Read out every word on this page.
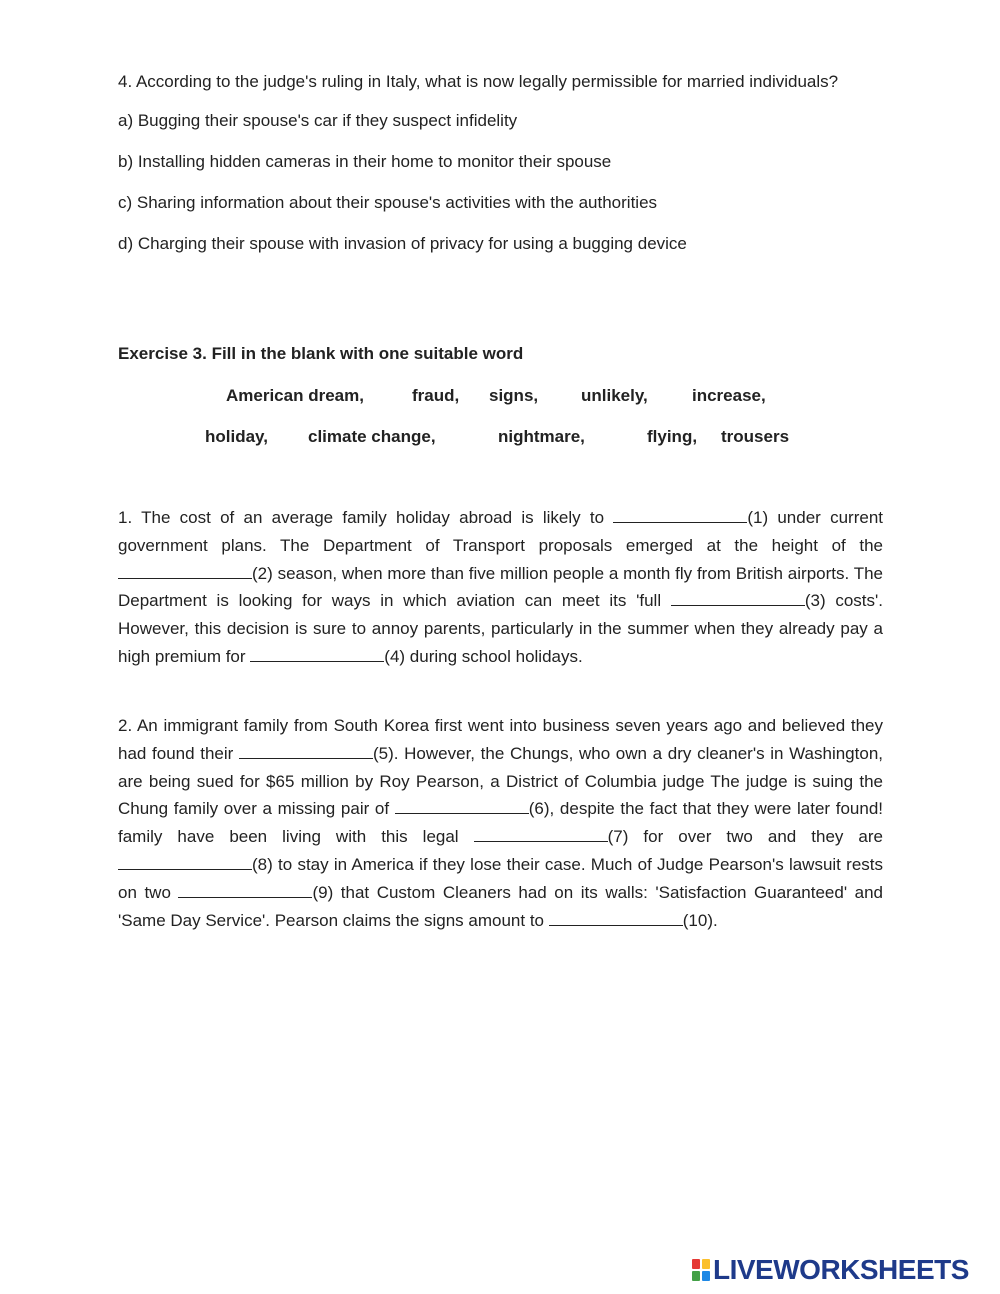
4. According to the judge's ruling in Italy, what is now legally permissible for married individuals?

a) Bugging their spouse's car if they suspect infidelity

b) Installing hidden cameras in their home to monitor their spouse

c) Sharing information about their spouse's activities with the authorities

d) Charging their spouse with invasion of privacy for using a bugging device

Exercise 3. Fill in the blank with one suitable word
American dream,	fraud, signs,	unlikely,	increase,
holiday, climate change,	nightmare,	flying, trousers

1. The cost of an average family holiday abroad is likely to	(1) under current government plans. The Department of Transport proposals emerged at the height of the (2) season, when more than five million people a month fly from British airports. The Department is looking for ways in which aviation can meet its 'full	(3) costs'. However, this decision is sure to annoy parents, particularly in the summer when they already pay a high premium for	(4) during school holidays.

2. An immigrant family from South Korea first went into business seven years ago and believed they had found their	(5). However, the Chungs, who own a dry cleaner's in Washington, are being sued for $65 million by Roy Pearson, a District of Columbia judge The judge is suing the Chung family over a missing pair of	(6), despite the fact that they were later found! family have been living with this legal	(7) for over two and they are (8) to stay in America if they lose their case. Much of Judge Pearson's lawsuit rests on two	(9) that Custom Cleaners had on its walls: 'Satisfaction Guaranteed' and 'Same Day Service'. Pearson claims the signs amount to	(10).

LIVEWORKSHEETS
